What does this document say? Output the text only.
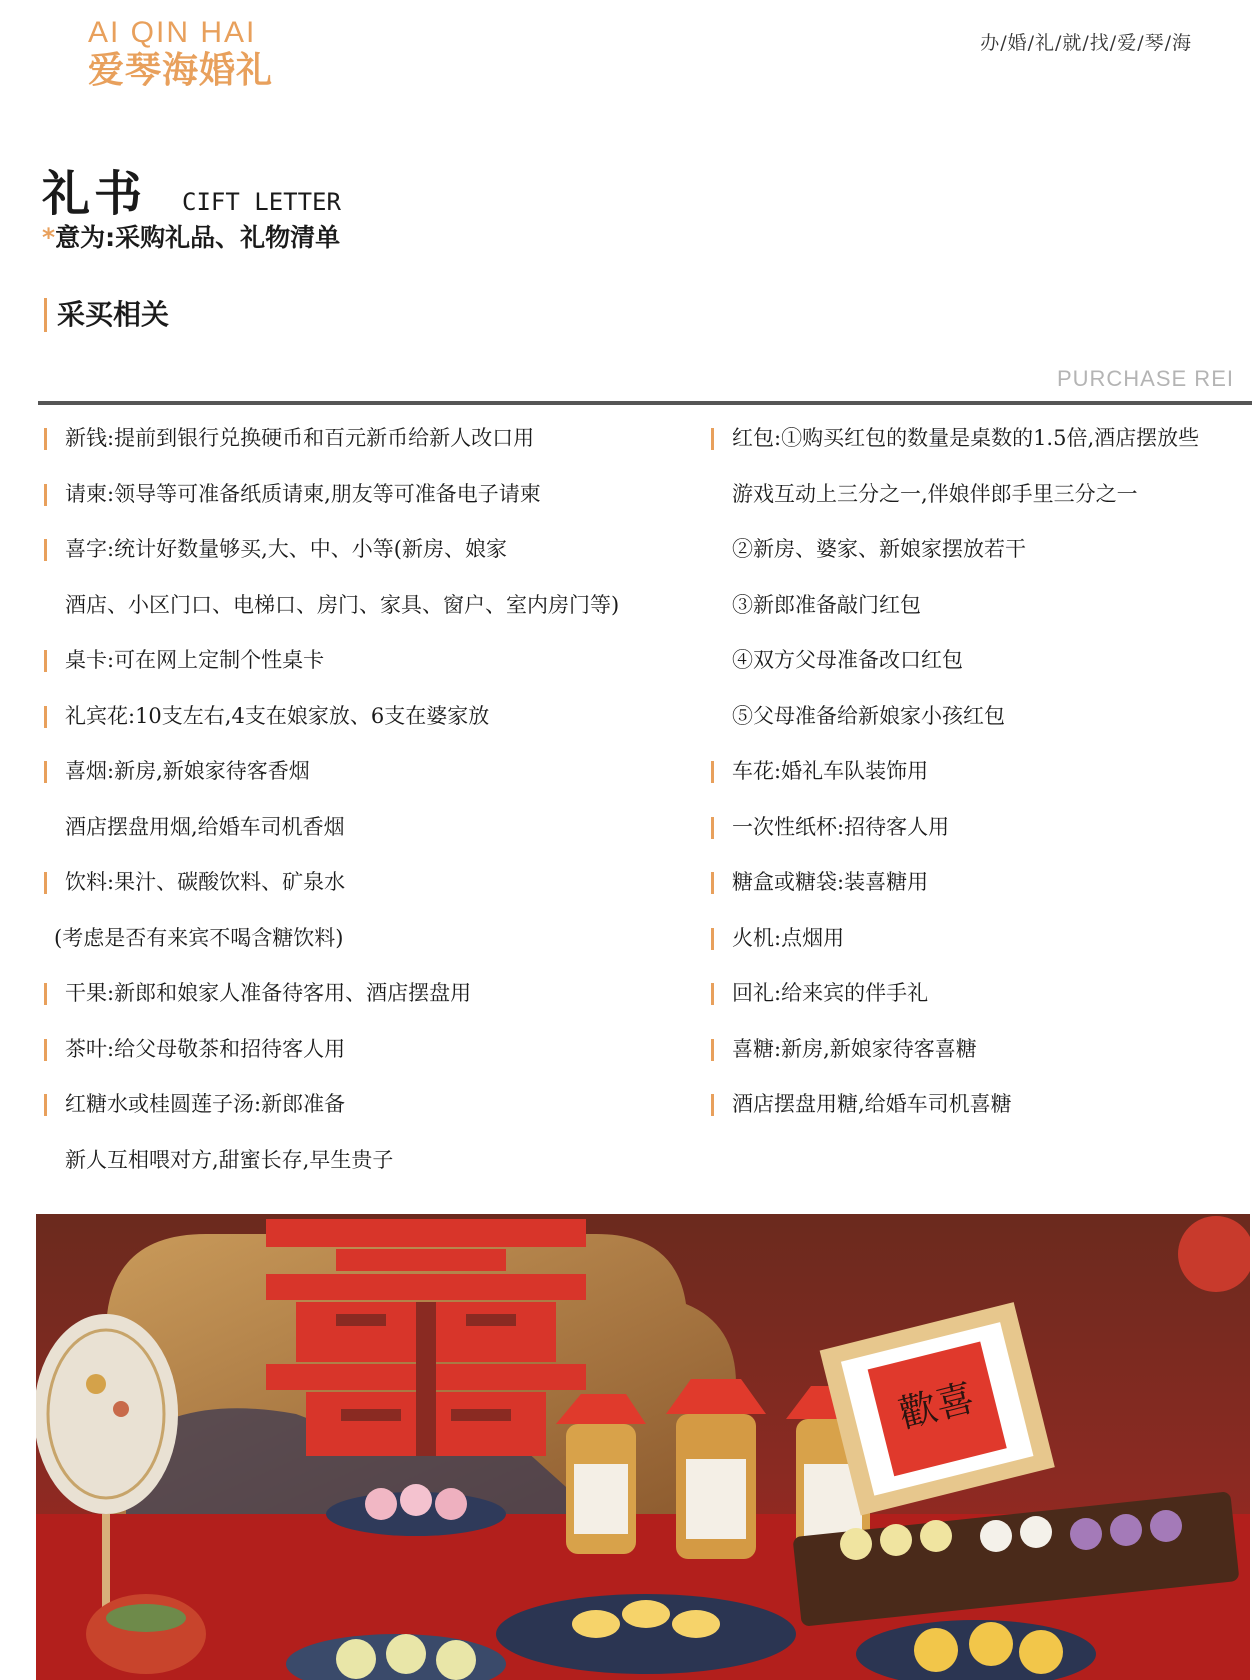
AI QIN HAI
爱琴海婚礼
办/婚/礼/就/找/爱/琴/海
礼书 CIFT LETTER
*意为:采购礼品、礼物清单
采买相关
PURCHASE REI
新钱:提前到银行兑换硬币和百元新币给新人改口用
请柬:领导等可准备纸质请柬,朋友等可准备电子请柬
喜字:统计好数量够买,大、中、小等(新房、娘家
酒店、小区门口、电梯口、房门、家具、窗户、室内房门等)
桌卡:可在网上定制个性桌卡
礼宾花:10支左右,4支在娘家放、6支在婆家放
喜烟:新房,新娘家待客香烟
酒店摆盘用烟,给婚车司机香烟
饮料:果汁、碳酸饮料、矿泉水
(考虑是否有来宾不喝含糖饮料)
干果:新郎和娘家人准备待客用、酒店摆盘用
茶叶:给父母敬茶和招待客人用
红糖水或桂圆莲子汤:新郎准备
新人互相喂对方,甜蜜长存,早生贵子
红包:①购买红包的数量是桌数的1.5倍,酒店摆放些
游戏互动上三分之一,伴娘伴郎手里三分之一
②新房、婆家、新娘家摆放若干
③新郎准备敲门红包
④双方父母准备改口红包
⑤父母准备给新娘家小孩红包
车花:婚礼车队装饰用
一次性纸杯:招待客人用
糖盒或糖袋:装喜糖用
火机:点烟用
回礼:给来宾的伴手礼
喜糖:新房,新娘家待客喜糖
酒店摆盘用糖,给婚车司机喜糖
歡喜
